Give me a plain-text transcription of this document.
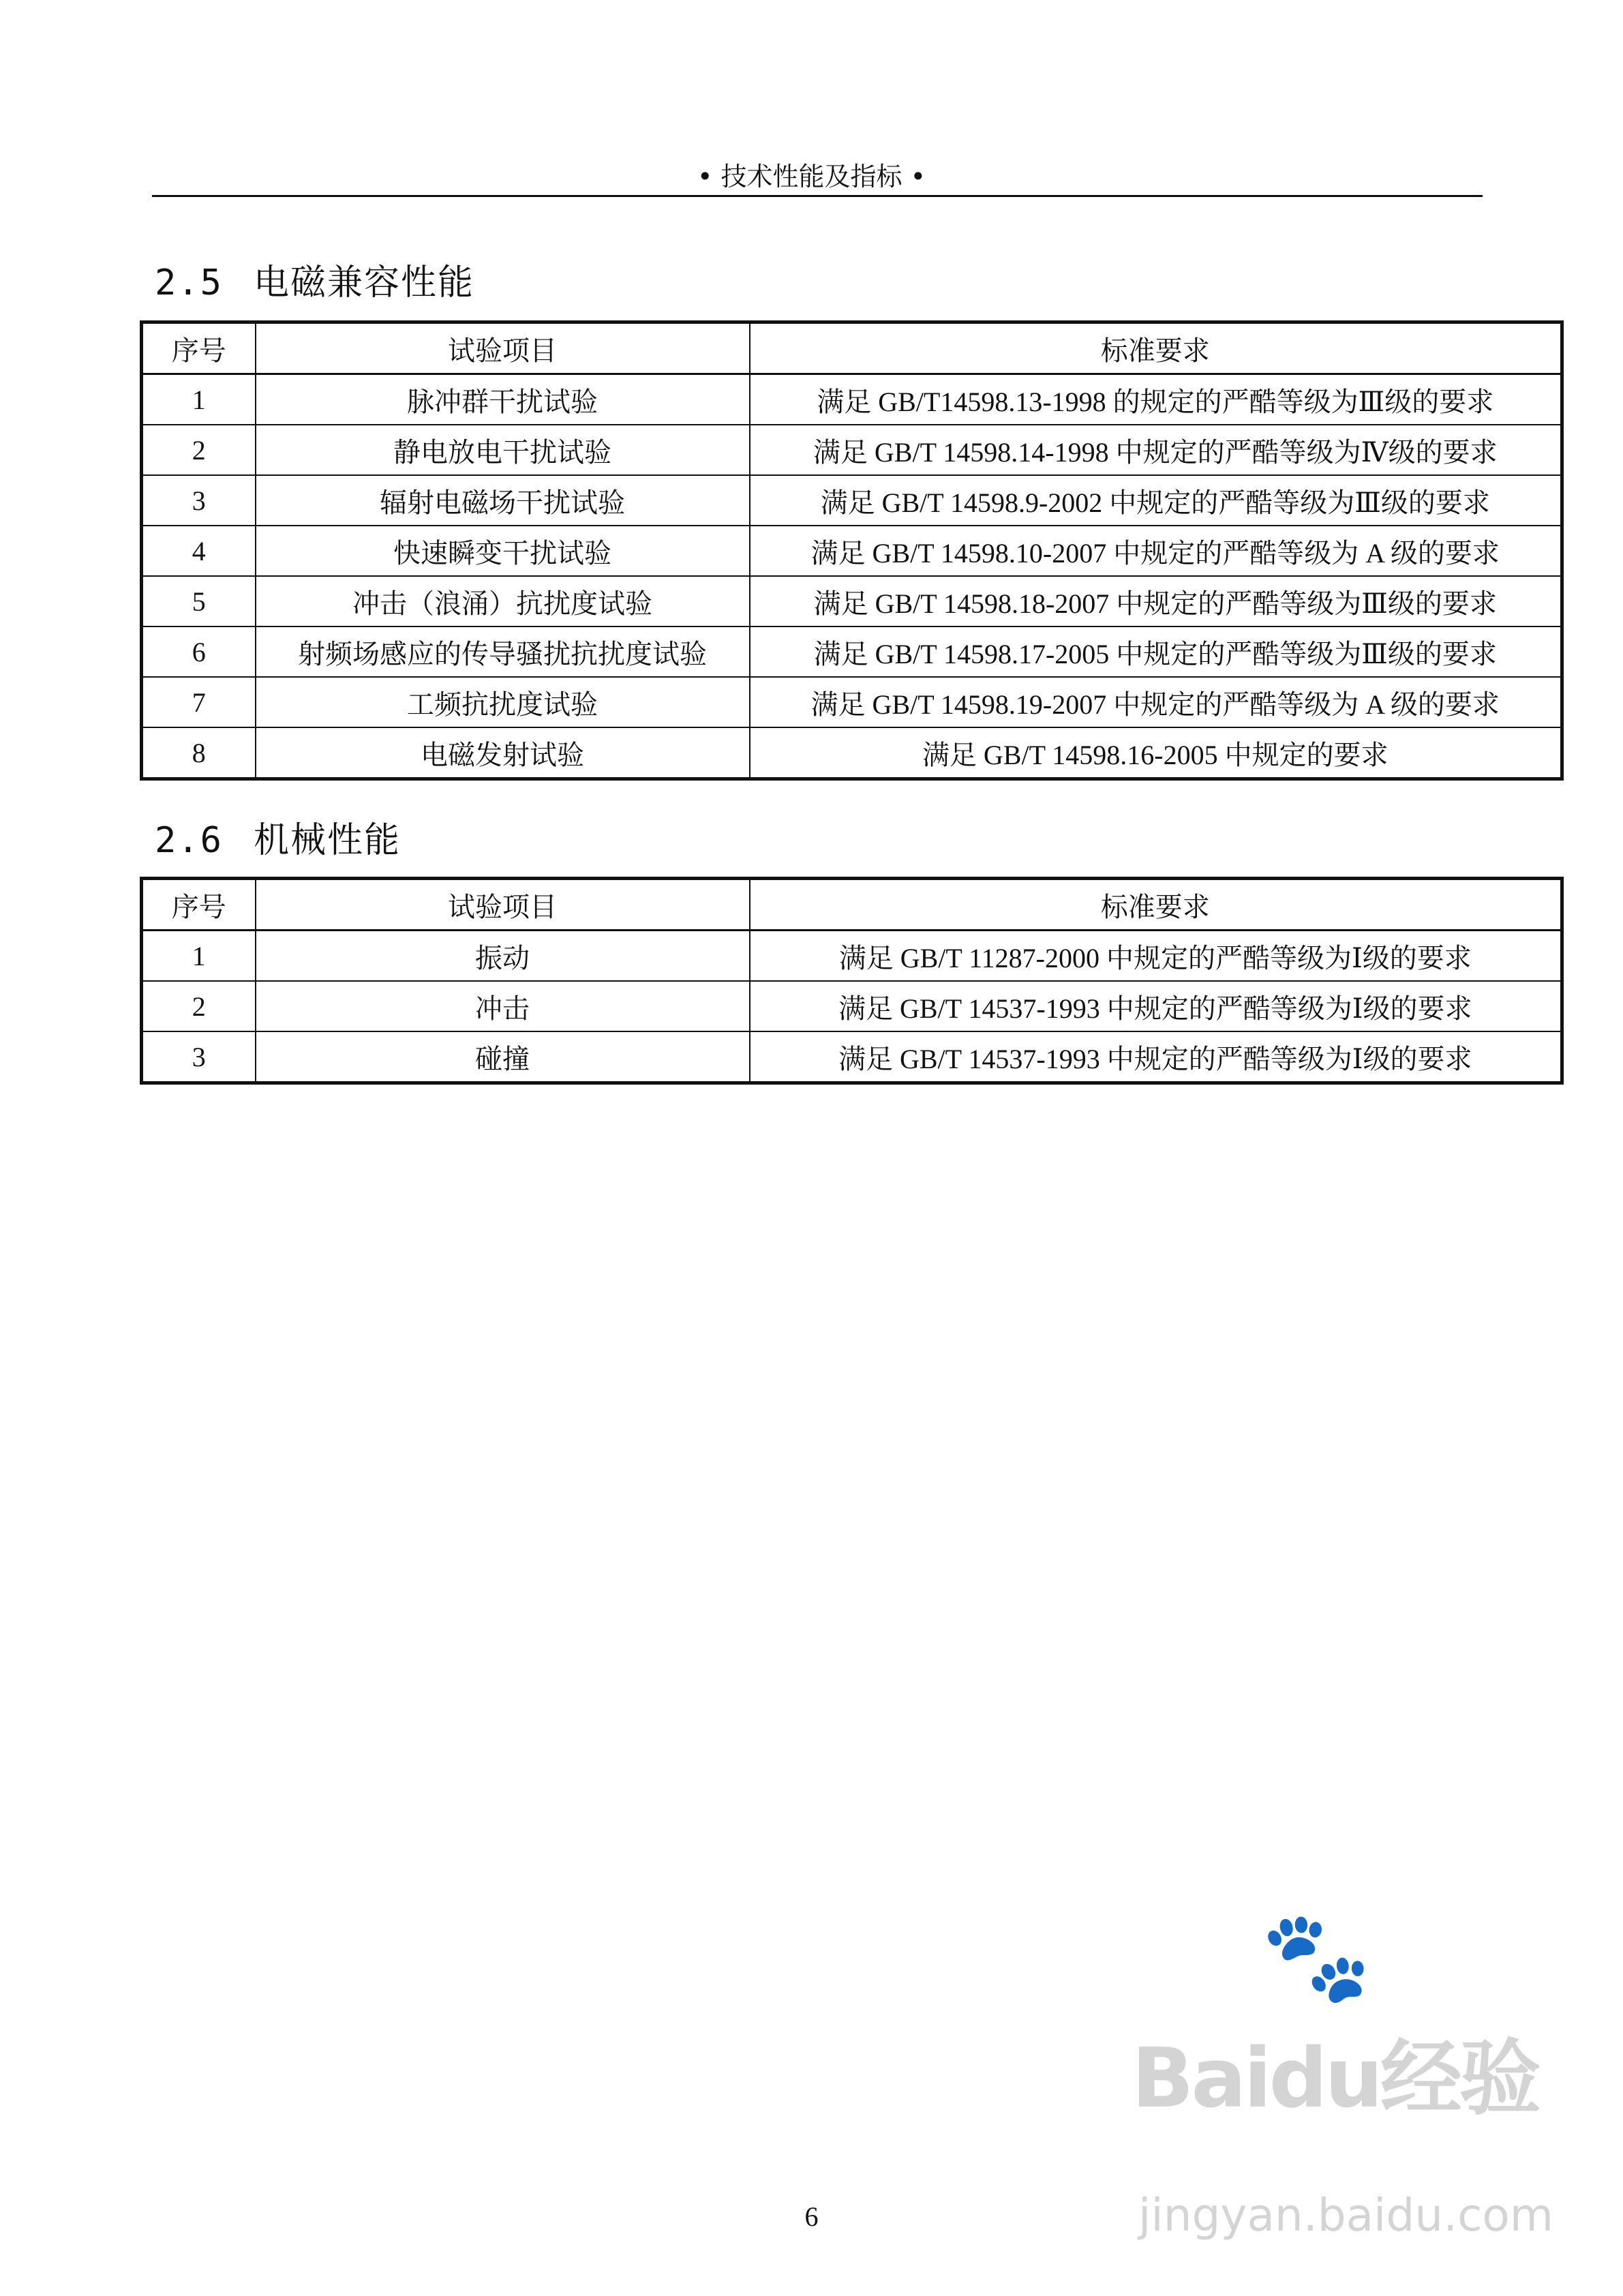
• 技术性能及指标 •
2.5 电磁兼容性能
序号	试验项目	标准要求
1	脉冲群干扰试验	满足 GB/T14598.13-1998 的规定的严酷等级为Ⅲ级的要求
2	静电放电干扰试验	满足 GB/T 14598.14-1998 中规定的严酷等级为Ⅳ级的要求
3	辐射电磁场干扰试验	满足 GB/T 14598.9-2002 中规定的严酷等级为Ⅲ级的要求
4	快速瞬变干扰试验	满足 GB/T 14598.10-2007 中规定的严酷等级为 A 级的要求
5	冲击（浪涌）抗扰度试验	满足 GB/T 14598.18-2007 中规定的严酷等级为Ⅲ级的要求
6	射频场感应的传导骚扰抗扰度试验	满足 GB/T 14598.17-2005 中规定的严酷等级为Ⅲ级的要求
7	工频抗扰度试验	满足 GB/T 14598.19-2007 中规定的严酷等级为 A 级的要求
8	电磁发射试验	满足 GB/T 14598.16-2005 中规定的要求
2.6 机械性能
序号	试验项目	标准要求
1	振动	满足 GB/T 11287-2000 中规定的严酷等级为Ⅰ级的要求
2	冲击	满足 GB/T 14537-1993 中规定的严酷等级为Ⅰ级的要求
3	碰撞	满足 GB/T 14537-1993 中规定的严酷等级为Ⅰ级的要求
🐾
Baidu经验
jingyan.baidu.com
6
